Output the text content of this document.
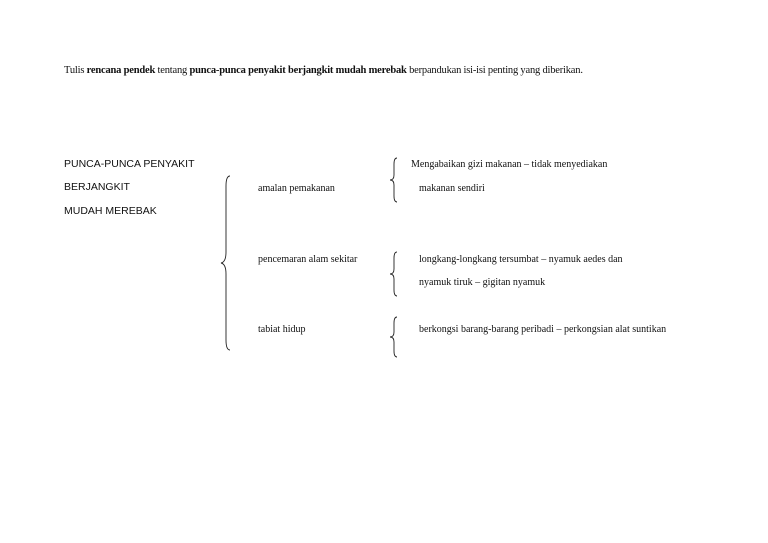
Tulis rencana pendek tentang punca-punca penyakit berjangkit mudah merebak berpandukan isi-isi penting yang diberikan.
PUNCA-PUNCA PENYAKIT
BERJANGKIT
MUDAH MEREBAK
amalan pemakanan
pencemaran alam sekitar
tabiat hidup
Mengabaikan gizi makanan – tidak menyediakan
makanan sendiri
longkang-longkang tersumbat – nyamuk aedes dan
nyamuk tiruk – gigitan nyamuk
berkongsi barang-barang peribadi – perkongsian alat suntikan
